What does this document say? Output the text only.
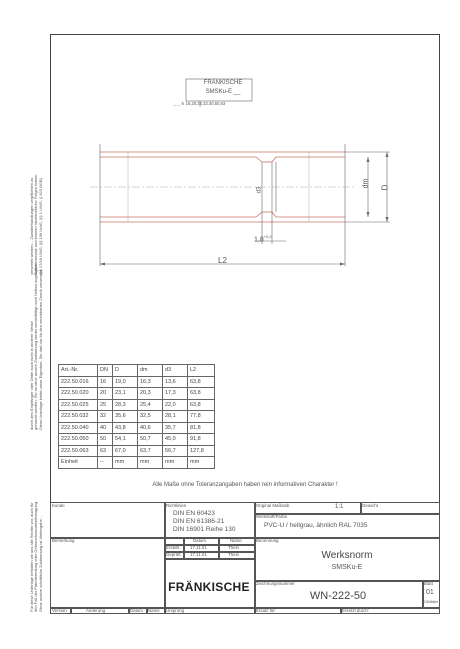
verwertet werden. - Zuwiderhandlungen verpflichten zu
Schadenersatz und können strafrechtliche Folgen haben
(§§ 17/18 UWG, §§ 106 UrhG, §§ 1 UWG, § 823 BGB)
durch den Empfänger oder Dritte auch nicht in anderer Weise
gemacht werden. Sie ist ohne unsere Zustimmung weder vervielfältigt noch Dritten zugänglich
Diese Unterlage bleibt unser Eigentum. Sie darf nur für den vereinbarten Zweck verwendet
Für diese Unterlage behalten wir uns alle Rechte vor, auch für
den Fall der Patenterteilung oder Gebrauchsmustereintragung.
Ohne unsere schriftliche Zustimmung ist Weitergabe...
FRÄNKISCHE
SMSKu-E __
_ _ ≙ 16,20,25,32,40,50,63
d3
dm D
$1,8^{+0,2}$
L2
Art.-Nr.	DN	D	dm	d3	L2
222.50.016	16	19,0	16,3	13,6	63,8
222.50.020	20	23,1	20,3	17,3	63,8
222.50.025	25	28,3	25,4	22,0	63,8
222.50.032	32	35,6	32,5	28,1	77,8
222.50.040	40	43,8	40,6	35,7	81,8
222.50.050	50	54,1	50,7	45,0	91,8
222.50.063	63	67,0	63,7	56,7	127,8
Einheit	--	mm	mm	mm	mm
Alle Maße ohne Toleranzangaben haben rein informativen Charakter !
Kunde	Richtlinien
DIN EN 60423
DIN EN 61386-21
DIN 16901 Reihe 130
Original Maßstab	1:1	Gewicht
Werkstoff/Farbe
PVC-U / hellgrau, ähnlich RAL 7035
Bemerkung	Datum	Name
Erstellt 17.11.01	Thein
Geprüft 17.11.01	Thein
Benennung
Werksnorm
SMSKu-E
FRÄNKISCHE	Zeichnungsnummer
WN-222-50
Blatt
01
01Blätter
Version	Änderung	Datum Name Ursprung	Ersatz für:	Ersetzt durch:
